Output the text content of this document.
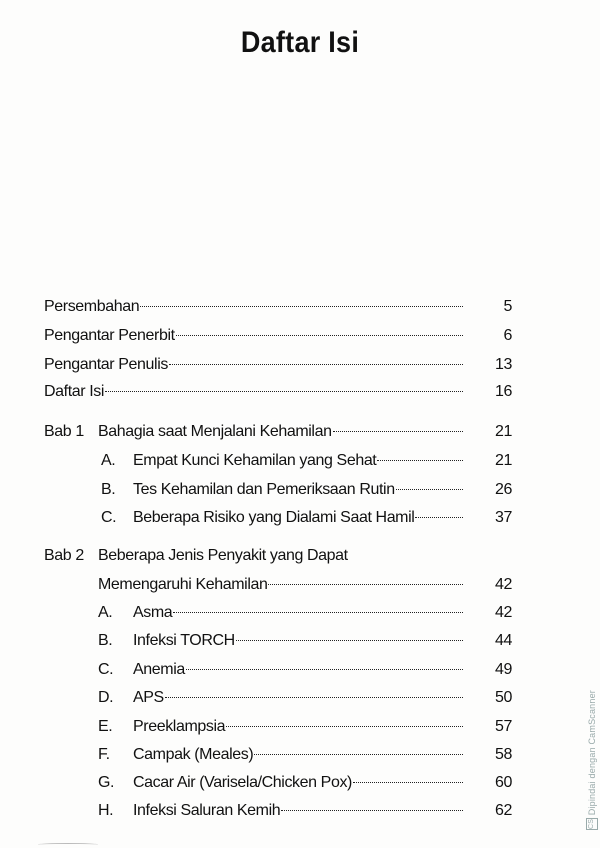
Daftar Isi
Persembahan	5
Pengantar Penerbit	6
Pengantar Penulis	13
Daftar Isi	16
Bab 1 Bahagia saat Menjalani Kehamilan	21
A. Empat Kunci Kehamilan yang Sehat	21
B. Tes Kehamilan dan Pemeriksaan Rutin	26
C. Beberapa Risiko yang Dialami Saat Hamil	37
Bab 2 Beberapa Jenis Penyakit yang Dapat
Memengaruhi Kehamilan	42
A. Asma	42
B. Infeksi TORCH	44
C. Anemia	49
D. APS	50
E. Preeklampsia	57
F. Campak (Meales)	58
G. Cacar Air (Varisela/Chicken Pox)	60
H. Infeksi Saluran Kemih	62
CS Dipindai dengan CamScanner
